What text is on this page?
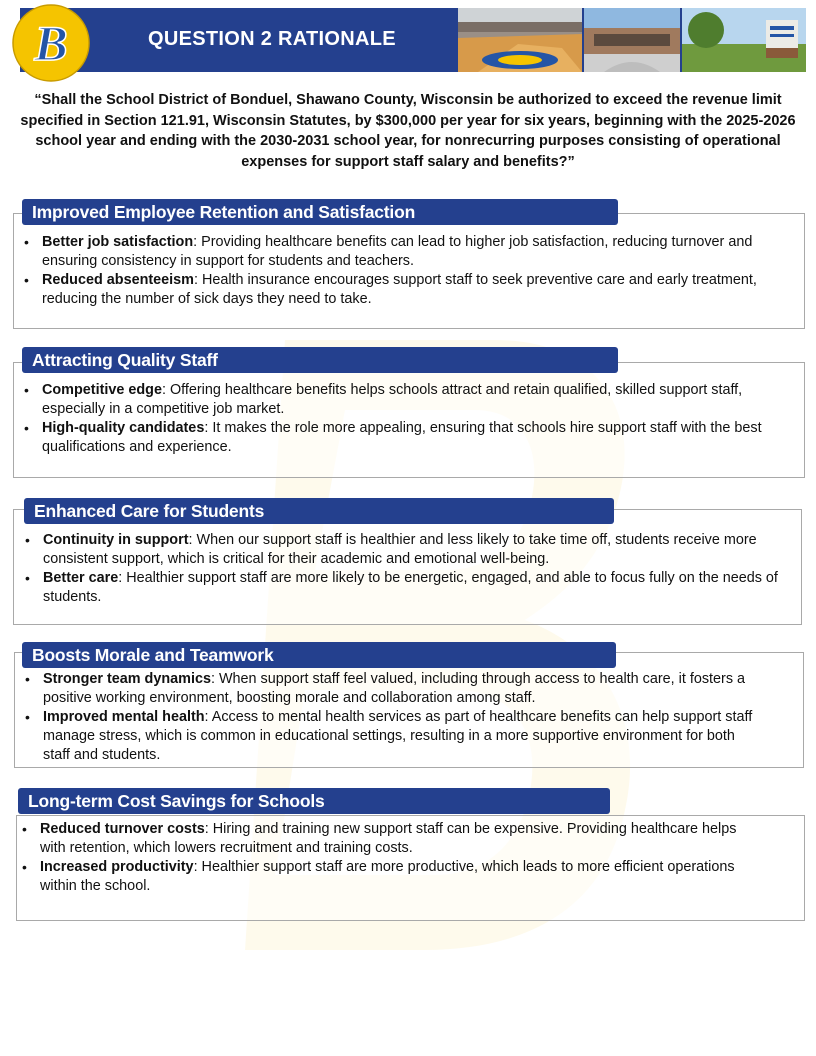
QUESTION 2 RATIONALE
B
“Shall the School District of Bonduel, Shawano County, Wisconsin be authorized to exceed the revenue limit specified in Section 121.91, Wisconsin Statutes, by $300,000 per year for six years, beginning with the 2025-2026 school year and ending with the 2030-2031 school year, for nonrecurring purposes consisting of operational expenses for support staff salary and benefits?”
Improved Employee Retention and Satisfaction
• Better job satisfaction: Providing healthcare benefits can lead to higher job satisfaction, reducing turnover and ensuring consistency in support for students and teachers.
• Reduced absenteeism: Health insurance encourages support staff to seek preventive care and early treatment, reducing the number of sick days they need to take.
Attracting Quality Staff
• Competitive edge: Offering healthcare benefits helps schools attract and retain qualified, skilled support staff, especially in a competitive job market.
• High-quality candidates: It makes the role more appealing, ensuring that schools hire support staff with the best qualifications and experience.
Enhanced Care for Students
• Continuity in support: When our support staff is healthier and less likely to take time off, students receive more consistent support, which is critical for their academic and emotional well-being.
• Better care: Healthier support staff are more likely to be energetic, engaged, and able to focus fully on the needs of students.
Boosts Morale and Teamwork
• Stronger team dynamics: When support staff feel valued, including through access to health care, it fosters a positive working environment, boosting morale and collaboration among staff.
• Improved mental health: Access to mental health services as part of healthcare benefits can help support staff manage stress, which is common in educational settings, resulting in a more supportive environment for both staff and students.
Long-term Cost Savings for Schools
• Reduced turnover costs: Hiring and training new support staff can be expensive. Providing healthcare helps with retention, which lowers recruitment and training costs.
• Increased productivity: Healthier support staff are more productive, which leads to more efficient operations within the school.
